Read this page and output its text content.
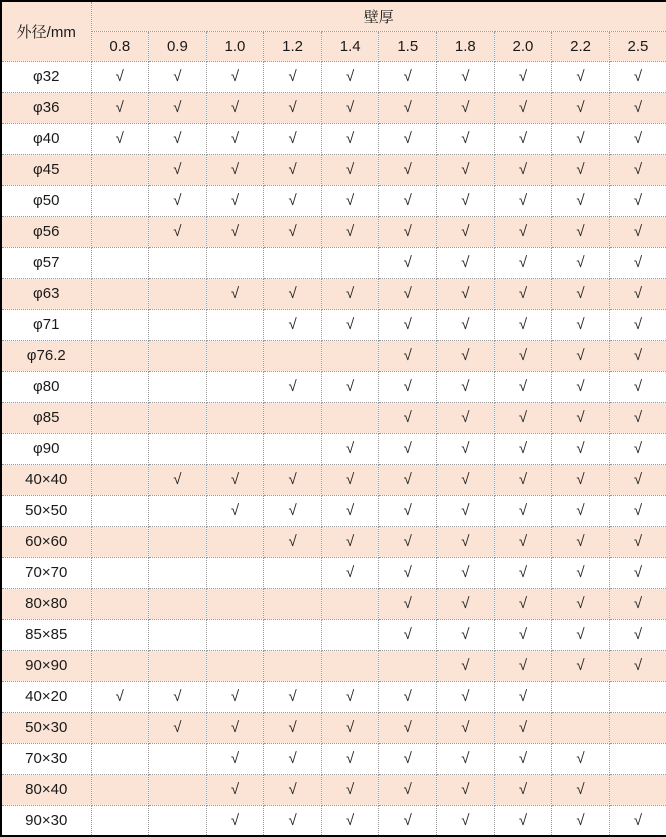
外径/mm	壁厚									
	0.8	0.9	1.0	1.2	1.4	1.5	1.8	2.0	2.2	2.5
φ32	√	√	√	√	√	√	√	√	√	√
φ36	√	√	√	√	√	√	√	√	√	√
φ40	√	√	√	√	√	√	√	√	√	√
φ45		√	√	√	√	√	√	√	√	√
φ50		√	√	√	√	√	√	√	√	√
φ56		√	√	√	√	√	√	√	√	√
φ57						√	√	√	√	√
φ63			√	√	√	√	√	√	√	√
φ71				√	√	√	√	√	√	√
φ76.2						√	√	√	√	√
φ80				√	√	√	√	√	√	√
φ85						√	√	√	√	√
φ90					√	√	√	√	√	√
40×40		√	√	√	√	√	√	√	√	√
50×50			√	√	√	√	√	√	√	√
60×60				√	√	√	√	√	√	√
70×70					√	√	√	√	√	√
80×80						√	√	√	√	√
85×85						√	√	√	√	√
90×90							√	√	√	√
40×20	√	√	√	√	√	√	√	√		
50×30		√	√	√	√	√	√	√		
70×30			√	√	√	√	√	√	√	
80×40			√	√	√	√	√	√	√	
90×30			√	√	√	√	√	√	√	√
